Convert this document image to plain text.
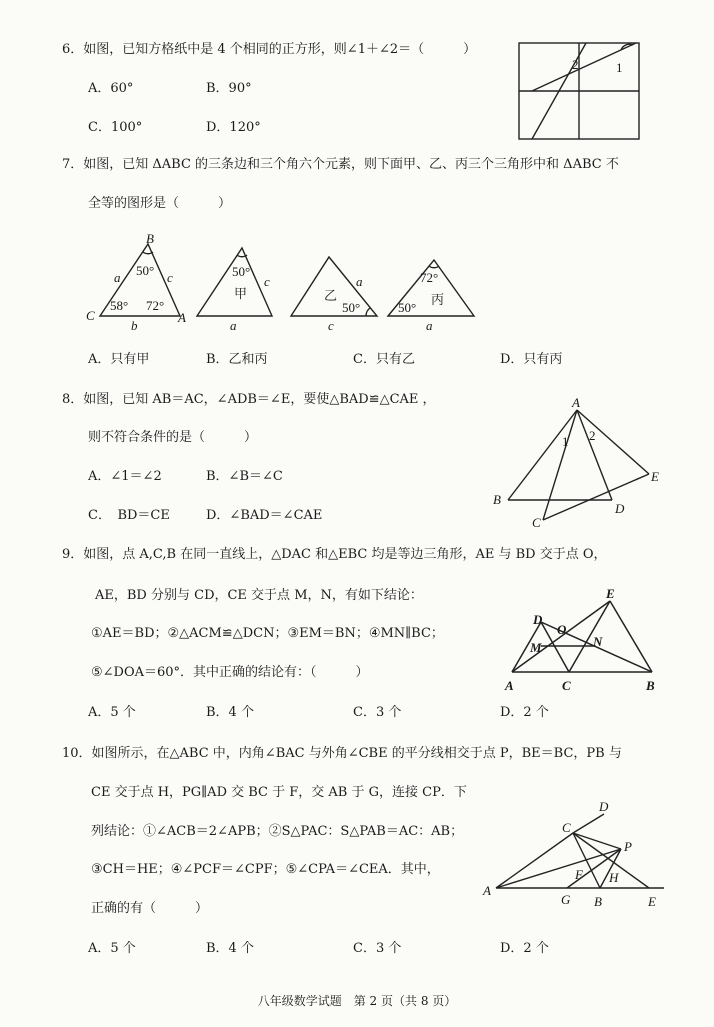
6．如图，已知方格纸中是 4 个相同的正方形，则∠1＋∠2＝（　　　）
A．60°	B．90°
C．100°	D．120°
2	1
7．如图，已知 ΔABC 的三条边和三个角六个元素，则下面甲、乙、丙三个三角形中和 ΔABC 不
全等的图形是（　　　）
B
a	c
50°
C
58° 72°
A
b
50°
c
甲
a
a
乙
50°
c
72°
丙
50°
a
A．只有甲	B．乙和丙	C．只有乙	D．只有丙
8．如图，已知 AB＝AC，∠ADB＝∠E，要使△BAD≌△CAE ，
则不符合条件的是（　　　）
A．∠1＝∠2	B．∠B＝∠C
C．　BD＝CE	D．∠BAD＝∠CAE
A
1 2
E
B
D
C
9．如图，点 A,C,B 在同一直线上，△DAC 和△EBC 均是等边三角形，AE 与 BD 交于点 O，
AE，BD 分别与 CD，CE 交于点 M，N，有如下结论：
①AE＝BD；②△ACM≌△DCN；③EM＝BN；④MN∥BC；
⑤∠DOA＝60°．其中正确的结论有：（　　　）
A．5 个	B．4 个	C．3 个	D．2 个
E
D
O
M	N
A	C	B
10．如图所示，在△ABC 中，内角∠BAC 与外角∠CBE 的平分线相交于点 P，BE＝BC，PB 与
CE 交于点 H，PG∥AD 交 BC 于 F，交 AB 于 G，连接 CP．下
列结论：①∠ACB＝2∠APB；②S△PAC：S△PAB＝AC：AB；
③CH＝HE；④∠PCF＝∠CPF；⑤∠CPA＝∠CEA．其中，
正确的有（　　　）
A．5 个	B．4 个	C．3 个	D．2 个
D
C
P
F H
A
G B	E
八年级数学试题　第 2 页（共 8 页）
